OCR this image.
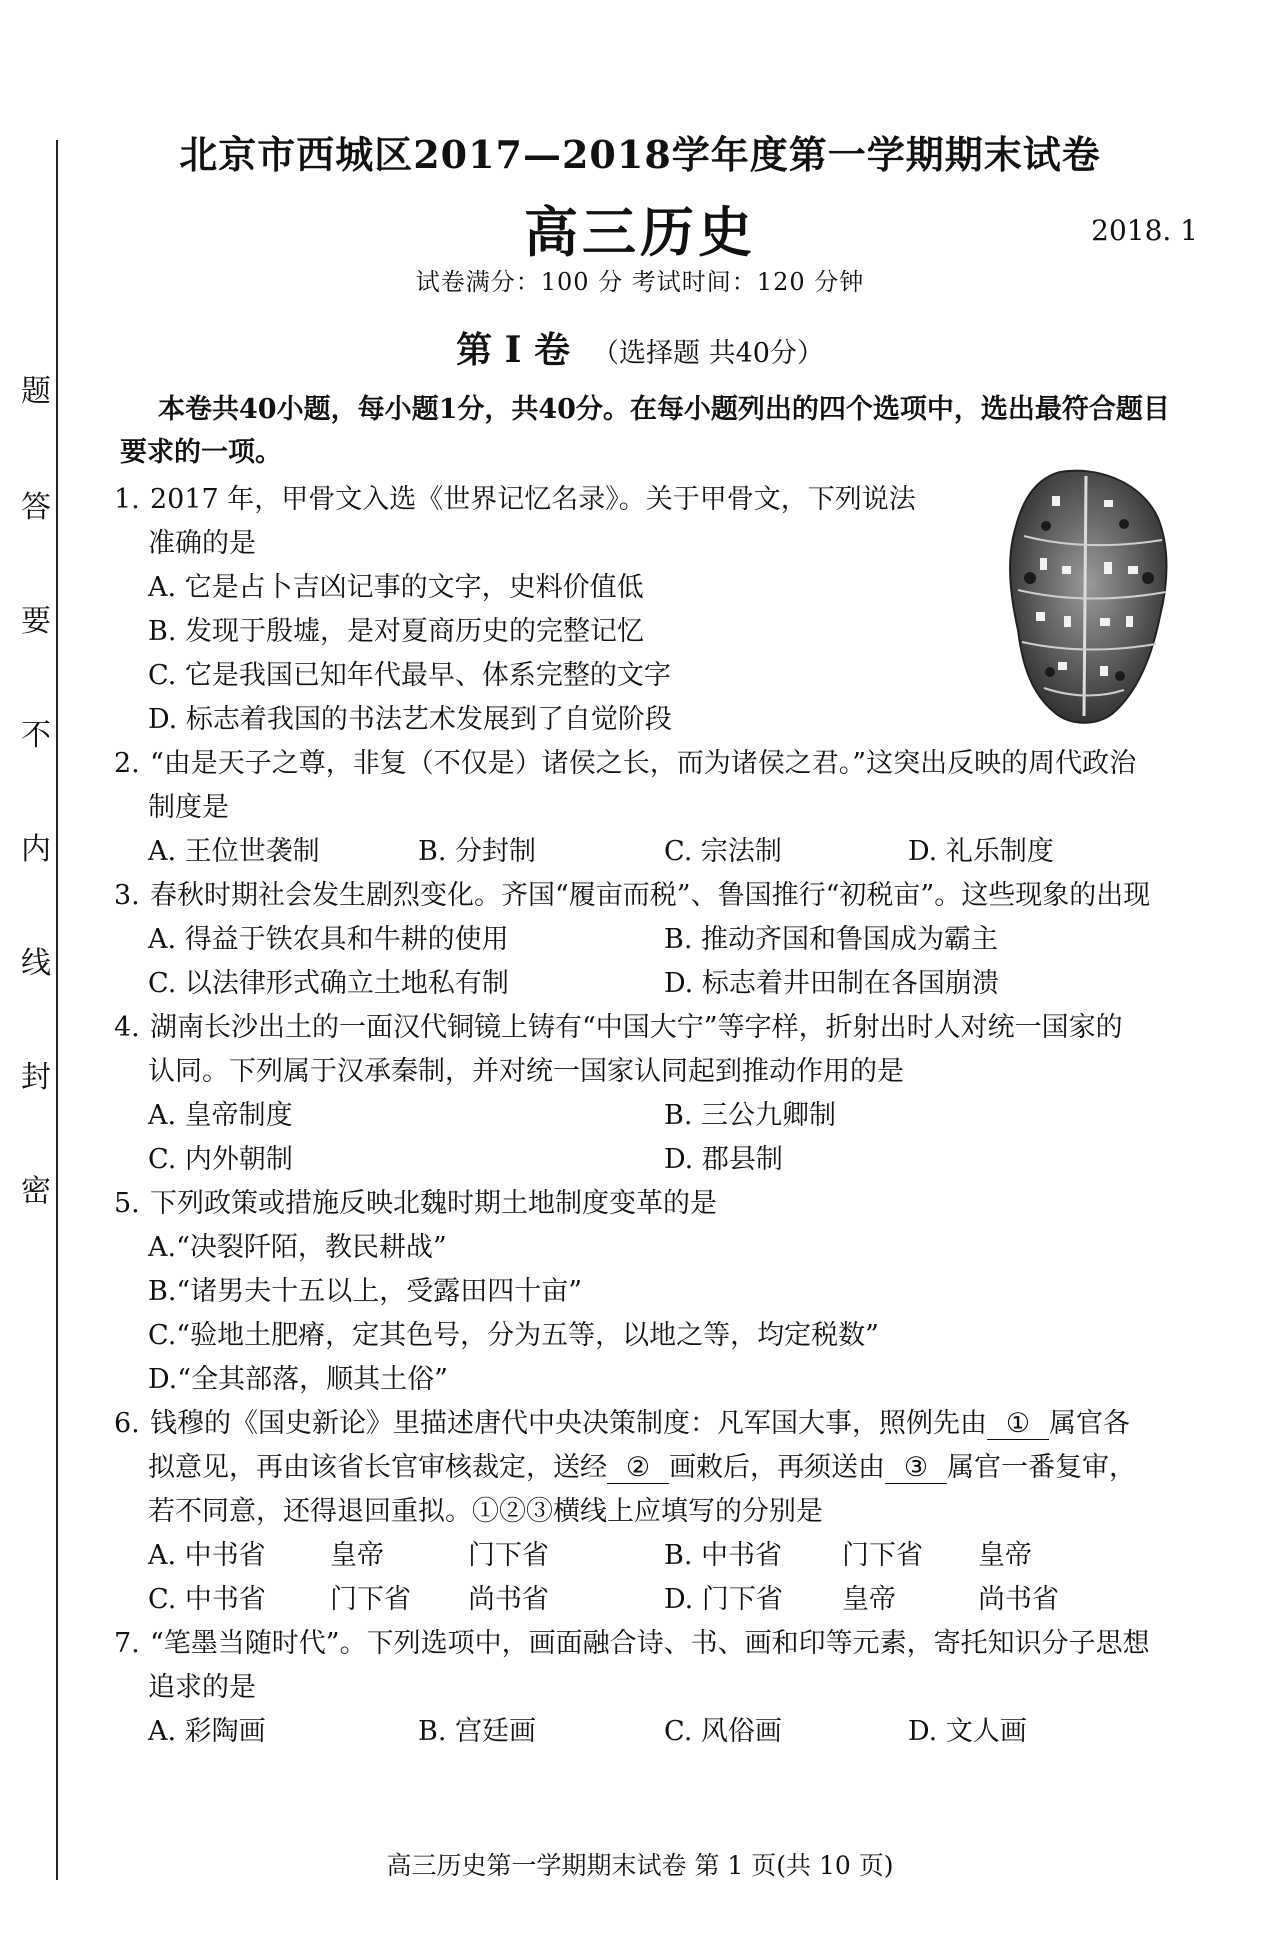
题
答
要
不
内
线
封
密
北京市西城区2017—2018学年度第一学期期末试卷
高三历史	2018. 1
试卷满分：100 分 考试时间：120 分钟
第 I 卷 （选择题 共40分）
本卷共40小题，每小题1分，共40分。在每小题列出的四个选项中，选出最符合题目要求的一项。
1. 2017 年，甲骨文入选《世界记忆名录》。关于甲骨文，下列说法
准确的是
A. 它是占卜吉凶记事的文字，史料价值低
B. 发现于殷墟，是对夏商历史的完整记忆
C. 它是我国已知年代最早、体系完整的文字
D. 标志着我国的书法艺术发展到了自觉阶段
2. “由是天子之尊，非复（不仅是）诸侯之长，而为诸侯之君。”这突出反映的周代政治
制度是
A. 王位世袭制	B. 分封制	C. 宗法制	D. 礼乐制度
3. 春秋时期社会发生剧烈变化。齐国“履亩而税”、鲁国推行“初税亩”。这些现象的出现
A. 得益于铁农具和牛耕的使用	B. 推动齐国和鲁国成为霸主
C. 以法律形式确立土地私有制	D. 标志着井田制在各国崩溃
4. 湖南长沙出土的一面汉代铜镜上铸有“中国大宁”等字样，折射出时人对统一国家的
认同。下列属于汉承秦制，并对统一国家认同起到推动作用的是
A. 皇帝制度	B. 三公九卿制
C. 内外朝制	D. 郡县制
5. 下列政策或措施反映北魏时期土地制度变革的是
A.“决裂阡陌，教民耕战”
B.“诸男夫十五以上，受露田四十亩”
C.“验地土肥瘠，定其色号，分为五等，以地之等，均定税数”
D.“全其部落，顺其土俗”
6. 钱穆的《国史新论》里描述唐代中央决策制度：凡军国大事，照例先由 ① 属官各
拟意见，再由该省长官审核裁定，送经 ② 画敕后，再须送由 ③ 属官一番复审，
若不同意，还得退回重拟。①②③横线上应填写的分别是
A. 中书省 皇帝	门下省	B. 中书省 门下省 皇帝
C. 中书省 门下省 尚书省	D. 门下省 皇帝	尚书省
7. “笔墨当随时代”。下列选项中，画面融合诗、书、画和印等元素，寄托知识分子思想
追求的是
A. 彩陶画	B. 宫廷画	C. 风俗画	D. 文人画
高三历史第一学期期末试卷 第 1 页(共 10 页)
